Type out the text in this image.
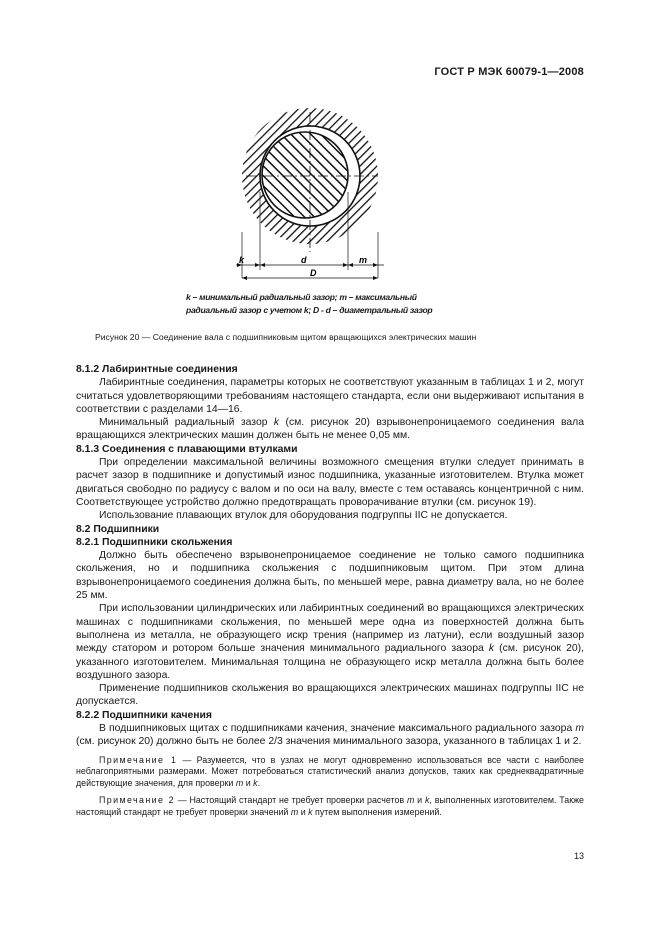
ГОСТ Р МЭК 60079-1—2008
k	d	m
D
k – минимальный радиальный зазор; m – максимальный
радиальный зазор с учетом k; D - d – диаметральный зазор
Рисунок 20 — Соединение вала с подшипниковым щитом вращающихся электрических машин

8.1.2 Лабиринтные соединения

Лабиринтные соединения, параметры которых не соответствуют указанным в таблицах 1 и 2, могут считаться удовлетворяющими требованиям настоящего стандарта, если они выдерживают испытания в соответствии с разделами 14—16.

Минимальный радиальный зазор k (см. рисунок 20) взрывонепроницаемого соединения вала вращающихся электрических машин должен быть не менее 0,05 мм.

8.1.3 Соединения с плавающими втулками

При определении максимальной величины возможного смещения втулки следует принимать в расчет зазор в подшипнике и допустимый износ подшипника, указанные изготовителем. Втулка может двигаться свободно по радиусу с валом и по оси на валу, вместе с тем оставаясь концентричной с ним. Соответствующее устройство должно предотвращать проворачивание втулки (см. рисунок 19).

Использование плавающих втулок для оборудования подгруппы IIC не допускается.

8.2 Подшипники

8.2.1 Подшипники скольжения

Должно быть обеспечено взрывонепроницаемое соединение не только самого подшипника скольжения, но и подшипника скольжения с подшипниковым щитом. При этом длина взрывонепроницаемого соединения должна быть, по меньшей мере, равна диаметру вала, но не более 25 мм.

При использовании цилиндрических или лабиринтных соединений во вращающихся электрических машинах с подшипниками скольжения, по меньшей мере одна из поверхностей должна быть выполнена из металла, не образующего искр трения (например из латуни), если воздушный зазор между статором и ротором больше значения минимального радиального зазора k (см. рисунок 20), указанного изготовителем. Минимальная толщина не образующего искр металла должна быть более воздушного зазора.

Применение подшипников скольжения во вращающихся электрических машинах подгруппы IIC не допускается.

8.2.2 Подшипники качения

В подшипниковых щитах с подшипниками качения, значение максимального радиального зазора m (см. рисунок 20) должно быть не более 2/3 значения минимального зазора, указанного в таблицах 1 и 2.

Примечание 1 — Разумеется, что в узлах не могут одновременно использоваться все части с наиболее неблагоприятными размерами. Может потребоваться статистический анализ допусков, таких как среднеквадратичные действующие значения, для проверки m и k.

Примечание 2 — Настоящий стандарт не требует проверки расчетов m и k, выполненных изготовителем. Также настоящий стандарт не требует проверки значений m и k путем выполнения измерений.

13
